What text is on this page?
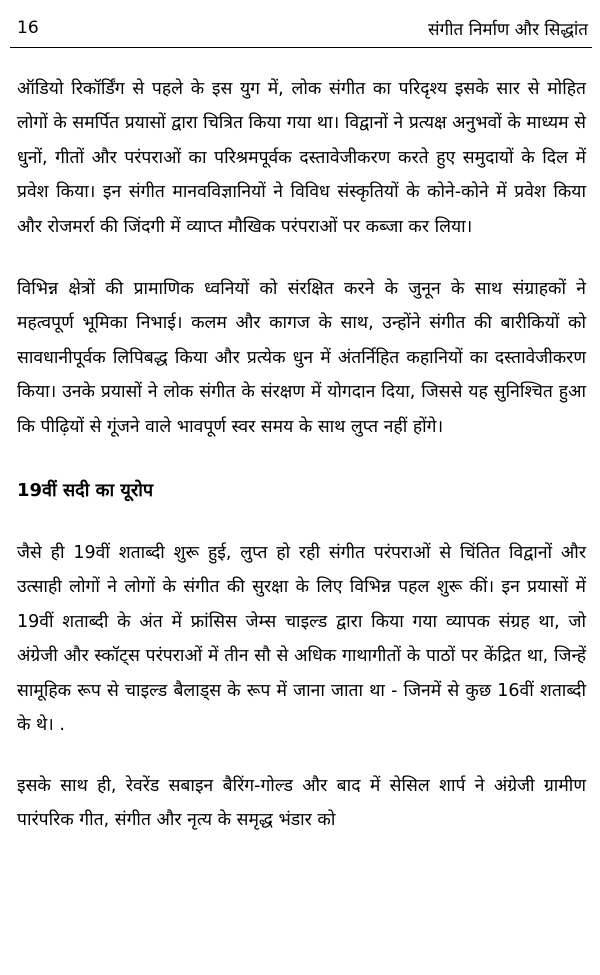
16	संगीत निर्माण और सिद्धांत

ऑडियो रिकॉर्डिंग से पहले के इस युग में, लोक संगीत का परिदृश्य इसके सार से मोहित लोगों के समर्पित प्रयासों द्वारा चित्रित किया गया था। विद्वानों ने प्रत्यक्ष अनुभवों के माध्यम से धुनों, गीतों और परंपराओं का परिश्रमपूर्वक दस्तावेजीकरण करते हुए समुदायों के दिल में प्रवेश किया। इन संगीत मानवविज्ञानियों ने विविध संस्कृतियों के कोने-कोने में प्रवेश किया और रोजमर्रा की जिंदगी में व्याप्त मौखिक परंपराओं पर कब्जा कर लिया।

विभिन्न क्षेत्रों की प्रामाणिक ध्वनियों को संरक्षित करने के जुनून के साथ संग्राहकों ने महत्वपूर्ण भूमिका निभाई। कलम और कागज के साथ, उन्होंने संगीत की बारीकियों को सावधानीपूर्वक लिपिबद्ध किया और प्रत्येक धुन में अंतर्निहित कहानियों का दस्तावेजीकरण किया। उनके प्रयासों ने लोक संगीत के संरक्षण में योगदान दिया, जिससे यह सुनिश्चित हुआ कि पीढ़ियों से गूंजने वाले भावपूर्ण स्वर समय के साथ लुप्त नहीं होंगे।

19वीं सदी का यूरोप

जैसे ही 19वीं शताब्दी शुरू हुई, लुप्त हो रही संगीत परंपराओं से चिंतित विद्वानों और उत्साही लोगों ने लोगों के संगीत की सुरक्षा के लिए विभिन्न पहल शुरू कीं। इन प्रयासों में 19वीं शताब्दी के अंत में फ्रांसिस जेम्स चाइल्ड द्वारा किया गया व्यापक संग्रह था, जो अंग्रेजी और स्कॉट्स परंपराओं में तीन सौ से अधिक गाथागीतों के पाठों पर केंद्रित था, जिन्हें सामूहिक रूप से चाइल्ड बैलाड्स के रूप में जाना जाता था - जिनमें से कुछ 16वीं शताब्दी के थे। .

इसके साथ ही, रेवरेंड सबाइन बैरिंग-गोल्ड और बाद में सेसिल शार्प ने अंग्रेजी ग्रामीण पारंपरिक गीत, संगीत और नृत्य के समृद्ध भंडार को
